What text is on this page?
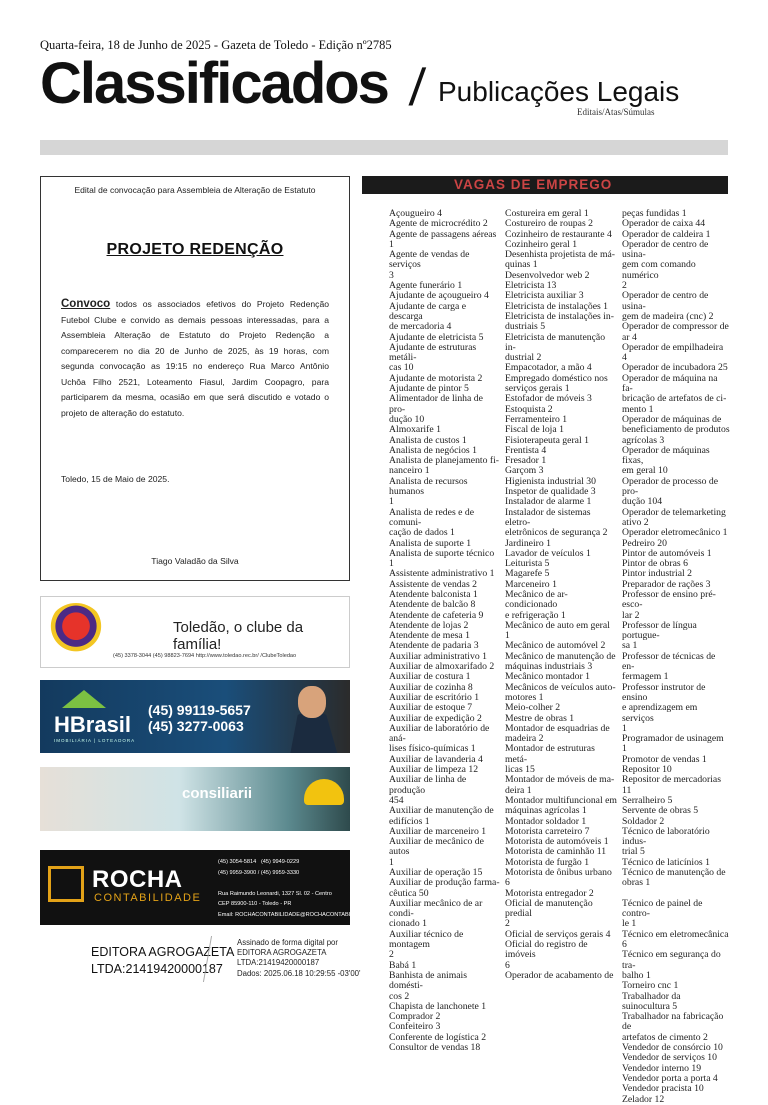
Quarta-feira, 18 de Junho de 2025 - Gazeta de Toledo - Edição nº2785
Classificados / Publicações Legais
Editais/Atas/Súmulas
Edital de convocação para Assembleia de Alteração de Estatuto
PROJETO REDENÇÃO
Convoco todos os associados efetivos do Projeto Redenção Futebol Clube e convido as demais pessoas interessadas, para a Assembleia Alteração de Estatuto do Projeto Redenção a comparecerem no dia 20 de Junho de 2025, às 19 horas, com segunda convocação as 19:15 no endereço Rua Marco Antônio Uchôa Filho 2521, Loteamento Fiasul, Jardim Coopagro, para participarem da mesma, ocasião em que será discutido e votado o projeto de alteração do estatuto.
Toledo, 15 de Maio de 2025.
Tiago Valadão da Silva
Toledão, o clube da família!
(45) 3378-3044 (45) 98823-7694 http://www.toledao.rec.br/ /ClubeToledao
HBrasil
IMOBILIÁRIA | LOTEADORA
(45) 99119-5657
(45) 3277-0063
consiliarii
ROCHA
CONTABILIDADE
(45) 3054-5814 (45) 9949-0229
(45) 9959-3900 / (45) 9959-3330

Rua Raimundo Leonardi, 1327 Sl. 02 - Centro
CEP 85900-110 - Toledo - PR
Email: ROCHACONTABILIDADE@ROCHACONTABIL.COM.BR
EDITORA AGROGAZETA
LTDA:21419420000187
Assinado de forma digital por
EDITORA AGROGAZETA
LTDA:21419420000187
Dados: 2025.06.18 10:29:55 -03'00'
VAGAS DE EMPREGO
Açougueiro 4
Agente de microcrédito 2
Agente de passagens aéreas 1
Agente de vendas de serviços
3
Agente funerário 1
Ajudante de açougueiro 4
Ajudante de carga e descarga
de mercadoria 4
Ajudante de eletricista 5
Ajudante de estruturas metáli-
cas 10
Ajudante de motorista 2
Ajudante de pintor 5
Alimentador de linha de pro-
dução 10
Almoxarife 1
Analista de custos 1
Analista de negócios 1
Analista de planejamento fi-
nanceiro 1
Analista de recursos humanos
1
Analista de redes e de comuni-
cação de dados 1
Analista de suporte 1
Analista de suporte técnico 1
Assistente administrativo 1
Assistente de vendas 2
Atendente balconista 1
Atendente de balcão 8
Atendente de cafeteria 9
Atendente de lojas 2
Atendente de mesa 1
Atendente de padaria 3
Auxiliar administrativo 1
Auxiliar de almoxarifado 2
Auxiliar de costura 1
Auxiliar de cozinha 8
Auxiliar de escritório 1
Auxiliar de estoque 7
Auxiliar de expedição 2
Auxiliar de laboratório de aná-
lises físico-químicas 1
Auxiliar de lavanderia 4
Auxiliar de limpeza 12
Auxiliar de linha de produção
454
Auxiliar de manutenção de
edifícios 1
Auxiliar de marceneiro 1
Auxiliar de mecânico de autos
1
Auxiliar de operação 15
Auxiliar de produção farma-
cêutica 50
Auxiliar mecânico de ar condi-
cionado 1
Auxiliar técnico de montagem
2
Babá 1
Banhista de animais domésti-
cos 2
Chapista de lanchonete 1
Comprador 2
Confeiteiro 3
Conferente de logística 2
Consultor de vendas 18
Costureira em geral 1
Costureiro de roupas 2
Cozinheiro de restaurante 4
Cozinheiro geral 1
Desenhista projetista de má-
quinas 1
Desenvolvedor web 2
Eletricista 13
Eletricista auxiliar 3
Eletricista de instalações 1
Eletricista de instalações in-
dustriais 5
Eletricista de manutenção in-
dustrial 2
Empacotador, a mão 4
Empregado doméstico nos
serviços gerais 1
Estofador de móveis 3
Estoquista 2
Ferramenteiro 1
Fiscal de loja 1
Fisioterapeuta geral 1
Frentista 4
Fresador 1
Garçom 3
Higienista industrial 30
Inspetor de qualidade 3
Instalador de alarme 1
Instalador de sistemas eletro-
eletrônicos de segurança 2
Jardineiro 1
Lavador de veículos 1
Leiturista 5
Magarefe 5
Marceneiro 1
Mecânico de ar-condicionado
e refrigeração 1
Mecânico de auto em geral 1
Mecânico de automóvel 2
Mecânico de manutenção de
máquinas industriais 3
Mecânico montador 1
Mecânicos de veículos auto-
motores 1
Meio-colher 2
Mestre de obras 1
Montador de esquadrias de
madeira 2
Montador de estruturas metá-
licas 15
Montador de móveis de ma-
deira 1
Montador multifuncional em
máquinas agrícolas 1
Montador soldador 1
Motorista carreteiro 7
Motorista de automóveis 1
Motorista de caminhão 11
Motorista de furgão 1
Motorista de ônibus urbano
6
Motorista entregador 2
Oficial de manutenção predial
2
Oficial de serviços gerais 4
Oficial do registro de imóveis
6
Operador de acabamento de
peças fundidas 1
Operador de caixa 44
Operador de caldeira 1
Operador de centro de usina-
gem com comando numérico
2
Operador de centro de usina-
gem de madeira (cnc) 2
Operador de compressor de
ar 4
Operador de empilhadeira 4
Operador de incubadora 25
Operador de máquina na fa-
bricação de artefatos de ci-
mento 1
Operador de máquinas de
beneficiamento de produtos
agrícolas 3
Operador de máquinas fixas,
em geral 10
Operador de processo de pro-
dução 104
Operador de telemarketing
ativo 2
Operador eletromecânico 1
Pedreiro 20
Pintor de automóveis 1
Pintor de obras 6
Pintor industrial 2
Preparador de rações 3
Professor de ensino pré-esco-
lar 2
Professor de língua portugue-
sa 1
Professor de técnicas de en-
fermagem 1
Professor instrutor de ensino
e aprendizagem em serviços
1
Programador de usinagem 1
Promotor de vendas 1
Repositor 10
Repositor de mercadorias 11
Serralheiro 5
Servente de obras 5
Soldador 2
Técnico de laboratório indus-
trial 5
Técnico de laticínios 1
Técnico de manutenção de
obras 1

Técnico de painel de contro-
le 1
Técnico em eletromecânica
6
Técnico em segurança do tra-
balho 1
Torneiro cnc 1
Trabalhador da suinocultura 5
Trabalhador na fabricação de
artefatos de cimento 2
Vendedor de consórcio 10
Vendedor de serviços 10
Vendedor interno 19
Vendedor porta a porta 4
Vendedor pracista 10
Zelador 12
